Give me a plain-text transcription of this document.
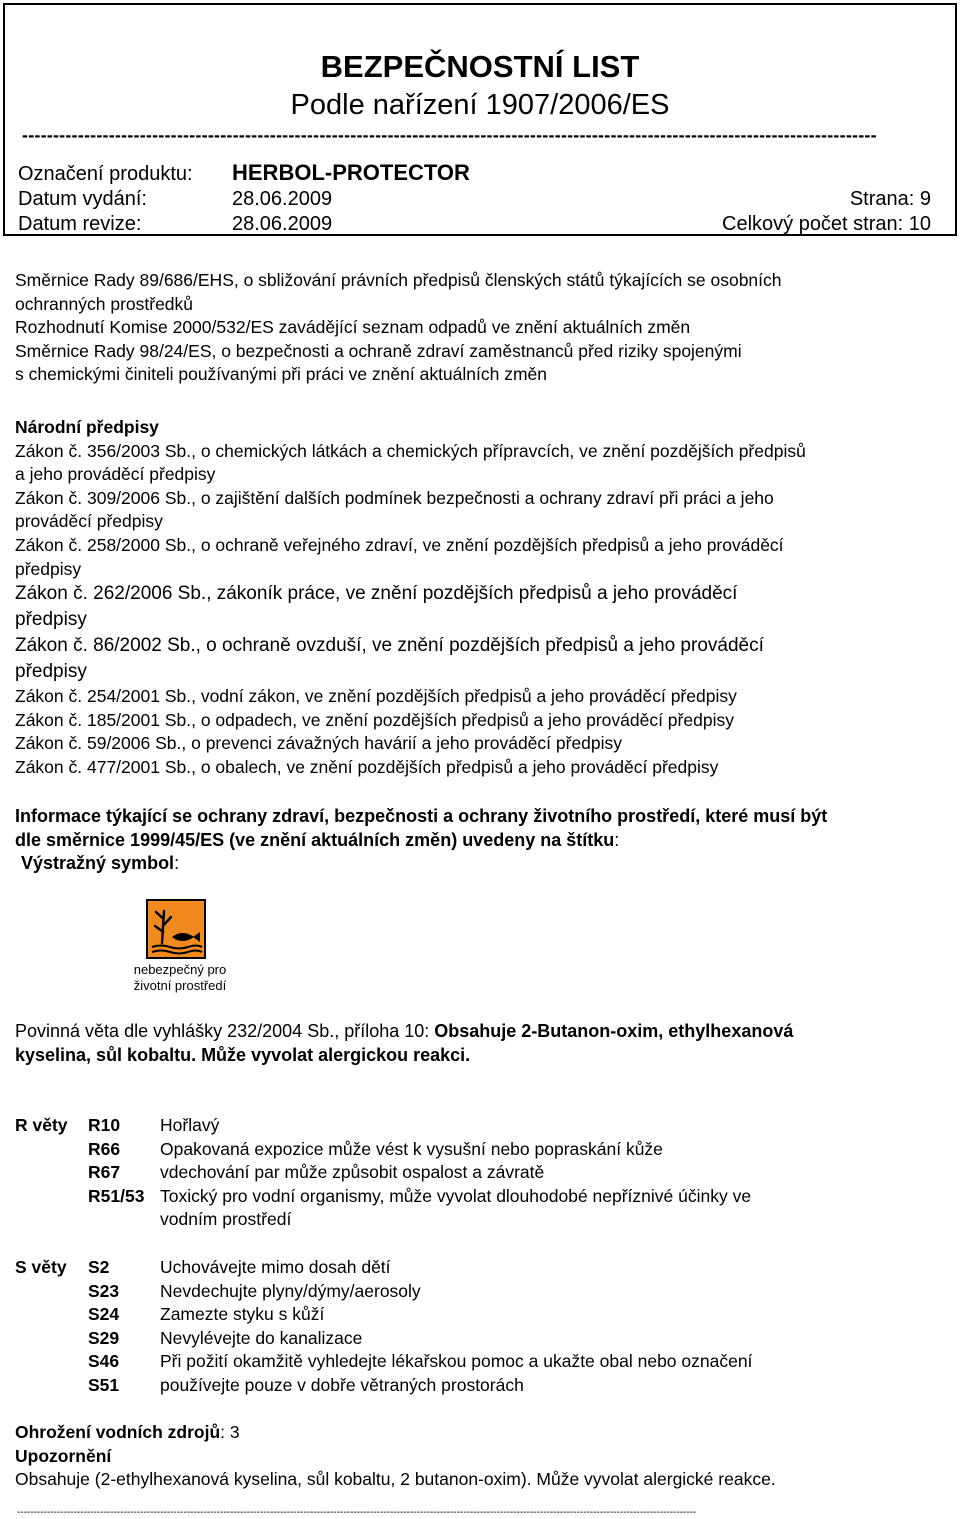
BEZPEČNOSTNÍ LIST
Podle nařízení 1907/2006/ES
------------------------------------------------------------------------------------------------------------------------------------------
Označení produktu: HERBOL-PROTECTOR
Datum vydání:	28.06.2009	Strana: 9
Datum revize:	28.06.2009	Celkový počet stran: 10
Směrnice Rady 89/686/EHS, o sbližování právních předpisů členských států týkajících se osobních
ochranných prostředků
Rozhodnutí Komise 2000/532/ES zavádějící seznam odpadů ve znění aktuálních změn
Směrnice Rady 98/24/ES, o bezpečnosti a ochraně zdraví zaměstnanců před riziky spojenými
s chemickými činiteli používanými při práci ve znění aktuálních změn
Národní předpisy
Zákon č. 356/2003 Sb., o chemických látkách a chemických přípravcích, ve znění pozdějších předpisů
a jeho prováděcí předpisy
Zákon č. 309/2006 Sb., o zajištění dalších podmínek bezpečnosti a ochrany zdraví při práci a jeho
prováděcí předpisy
Zákon č. 258/2000 Sb., o ochraně veřejného zdraví, ve znění pozdějších předpisů a jeho prováděcí
předpisy
Zákon č. 262/2006 Sb., zákoník práce, ve znění pozdějších předpisů a jeho prováděcí
předpisy
Zákon č. 86/2002 Sb., o ochraně ovzduší, ve znění pozdějších předpisů a jeho prováděcí
předpisy
Zákon č. 254/2001 Sb., vodní zákon, ve znění pozdějších předpisů a jeho prováděcí předpisy
Zákon č. 185/2001 Sb., o odpadech, ve znění pozdějších předpisů a jeho prováděcí předpisy
Zákon č. 59/2006 Sb., o prevenci závažných havárií a jeho prováděcí předpisy
Zákon č. 477/2001 Sb., o obalech, ve znění pozdějších předpisů a jeho prováděcí předpisy
Informace týkající se ochrany zdraví, bezpečnosti a ochrany životního prostředí, které musí být
dle směrnice 1999/45/ES (ve znění aktuálních změn) uvedeny na štítku:
Výstražný symbol:
nebezpečný pro
životní prostředí
Povinná věta dle vyhlášky 232/2004 Sb., příloha 10: Obsahuje 2-Butanon-oxim, ethylhexanová
kyselina, sůl kobaltu. Může vyvolat alergickou reakci.
R věty R10 Hořlavý
R66 Opakovaná expozice může vést k vysušní nebo popraskání kůže
R67 vdechování par může způsobit ospalost a závratě
R51/53 Toxický pro vodní organismy, může vyvolat dlouhodobé nepříznivé účinky ve
vodním prostředí
S věty S2	Uchovávejte mimo dosah dětí
S23 Nevdechujte plyny/dýmy/aerosoly
S24 Zamezte styku s kůží
S29 Nevylévejte do kanalizace
S46 Při požití okamžitě vyhledejte lékařskou pomoc a ukažte obal nebo označení
S51 používejte pouze v dobře větraných prostorách
Ohrožení vodních zdrojů: 3
Upozornění
Obsahuje (2-ethylhexanová kyselina, sůl kobaltu, 2 butanon-oxim). Může vyvolat alergické reakce.
------------------------------------------------------------------------------------------------------------------------------------------------------------------------------------------------------------
